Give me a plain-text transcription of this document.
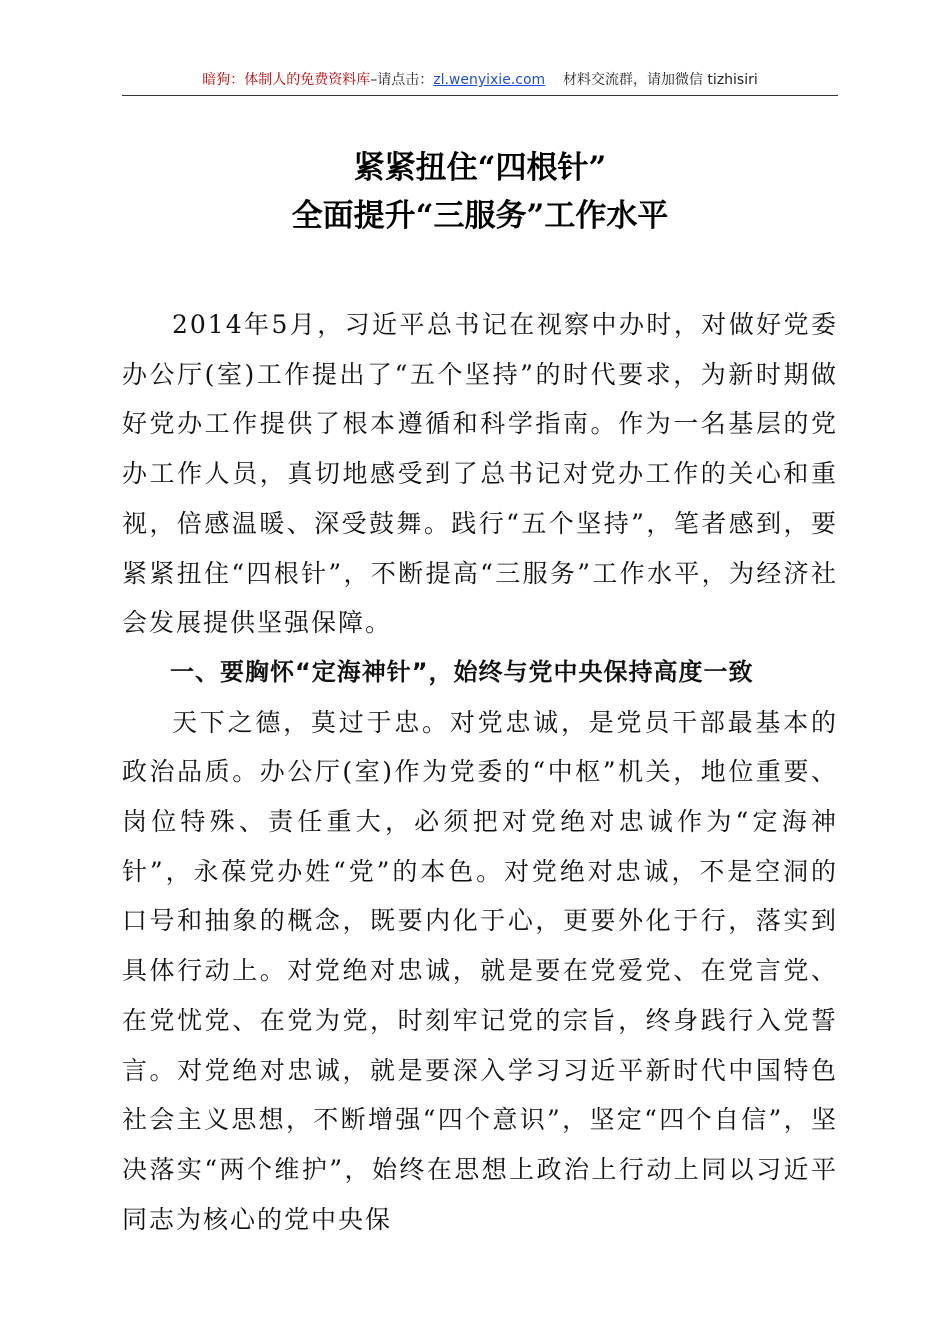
暗狗：体制人的免费资料库–请点击：zl.wenyixie.com 材料交流群，请加微信 tizhisiri
紧紧扭住“四根针”
全面提升“三服务”工作水平

2014年5月，习近平总书记在视察中办时，对做好党委办公厅(室)工作提出了“五个坚持”的时代要求，为新时期做好党办工作提供了根本遵循和科学指南。作为一名基层的党办工作人员，真切地感受到了总书记对党办工作的关心和重视，倍感温暖、深受鼓舞。践行“五个坚持”，笔者感到，要紧紧扭住“四根针”，不断提高“三服务”工作水平，为经济社会发展提供坚强保障。

一、要胸怀“定海神针”，始终与党中央保持高度一致

天下之德，莫过于忠。对党忠诚，是党员干部最基本的政治品质。办公厅(室)作为党委的“中枢”机关，地位重要、岗位特殊、责任重大，必须把对党绝对忠诚作为“定海神针”，永葆党办姓“党”的本色。对党绝对忠诚，不是空洞的口号和抽象的概念，既要内化于心，更要外化于行，落实到具体行动上。对党绝对忠诚，就是要在党爱党、在党言党、在党忧党、在党为党，时刻牢记党的宗旨，终身践行入党誓言。对党绝对忠诚，就是要深入学习习近平新时代中国特色社会主义思想，不断增强“四个意识”，坚定“四个自信”，坚决落实“两个维护”，始终在思想上政治上行动上同以习近平同志为核心的党中央保
